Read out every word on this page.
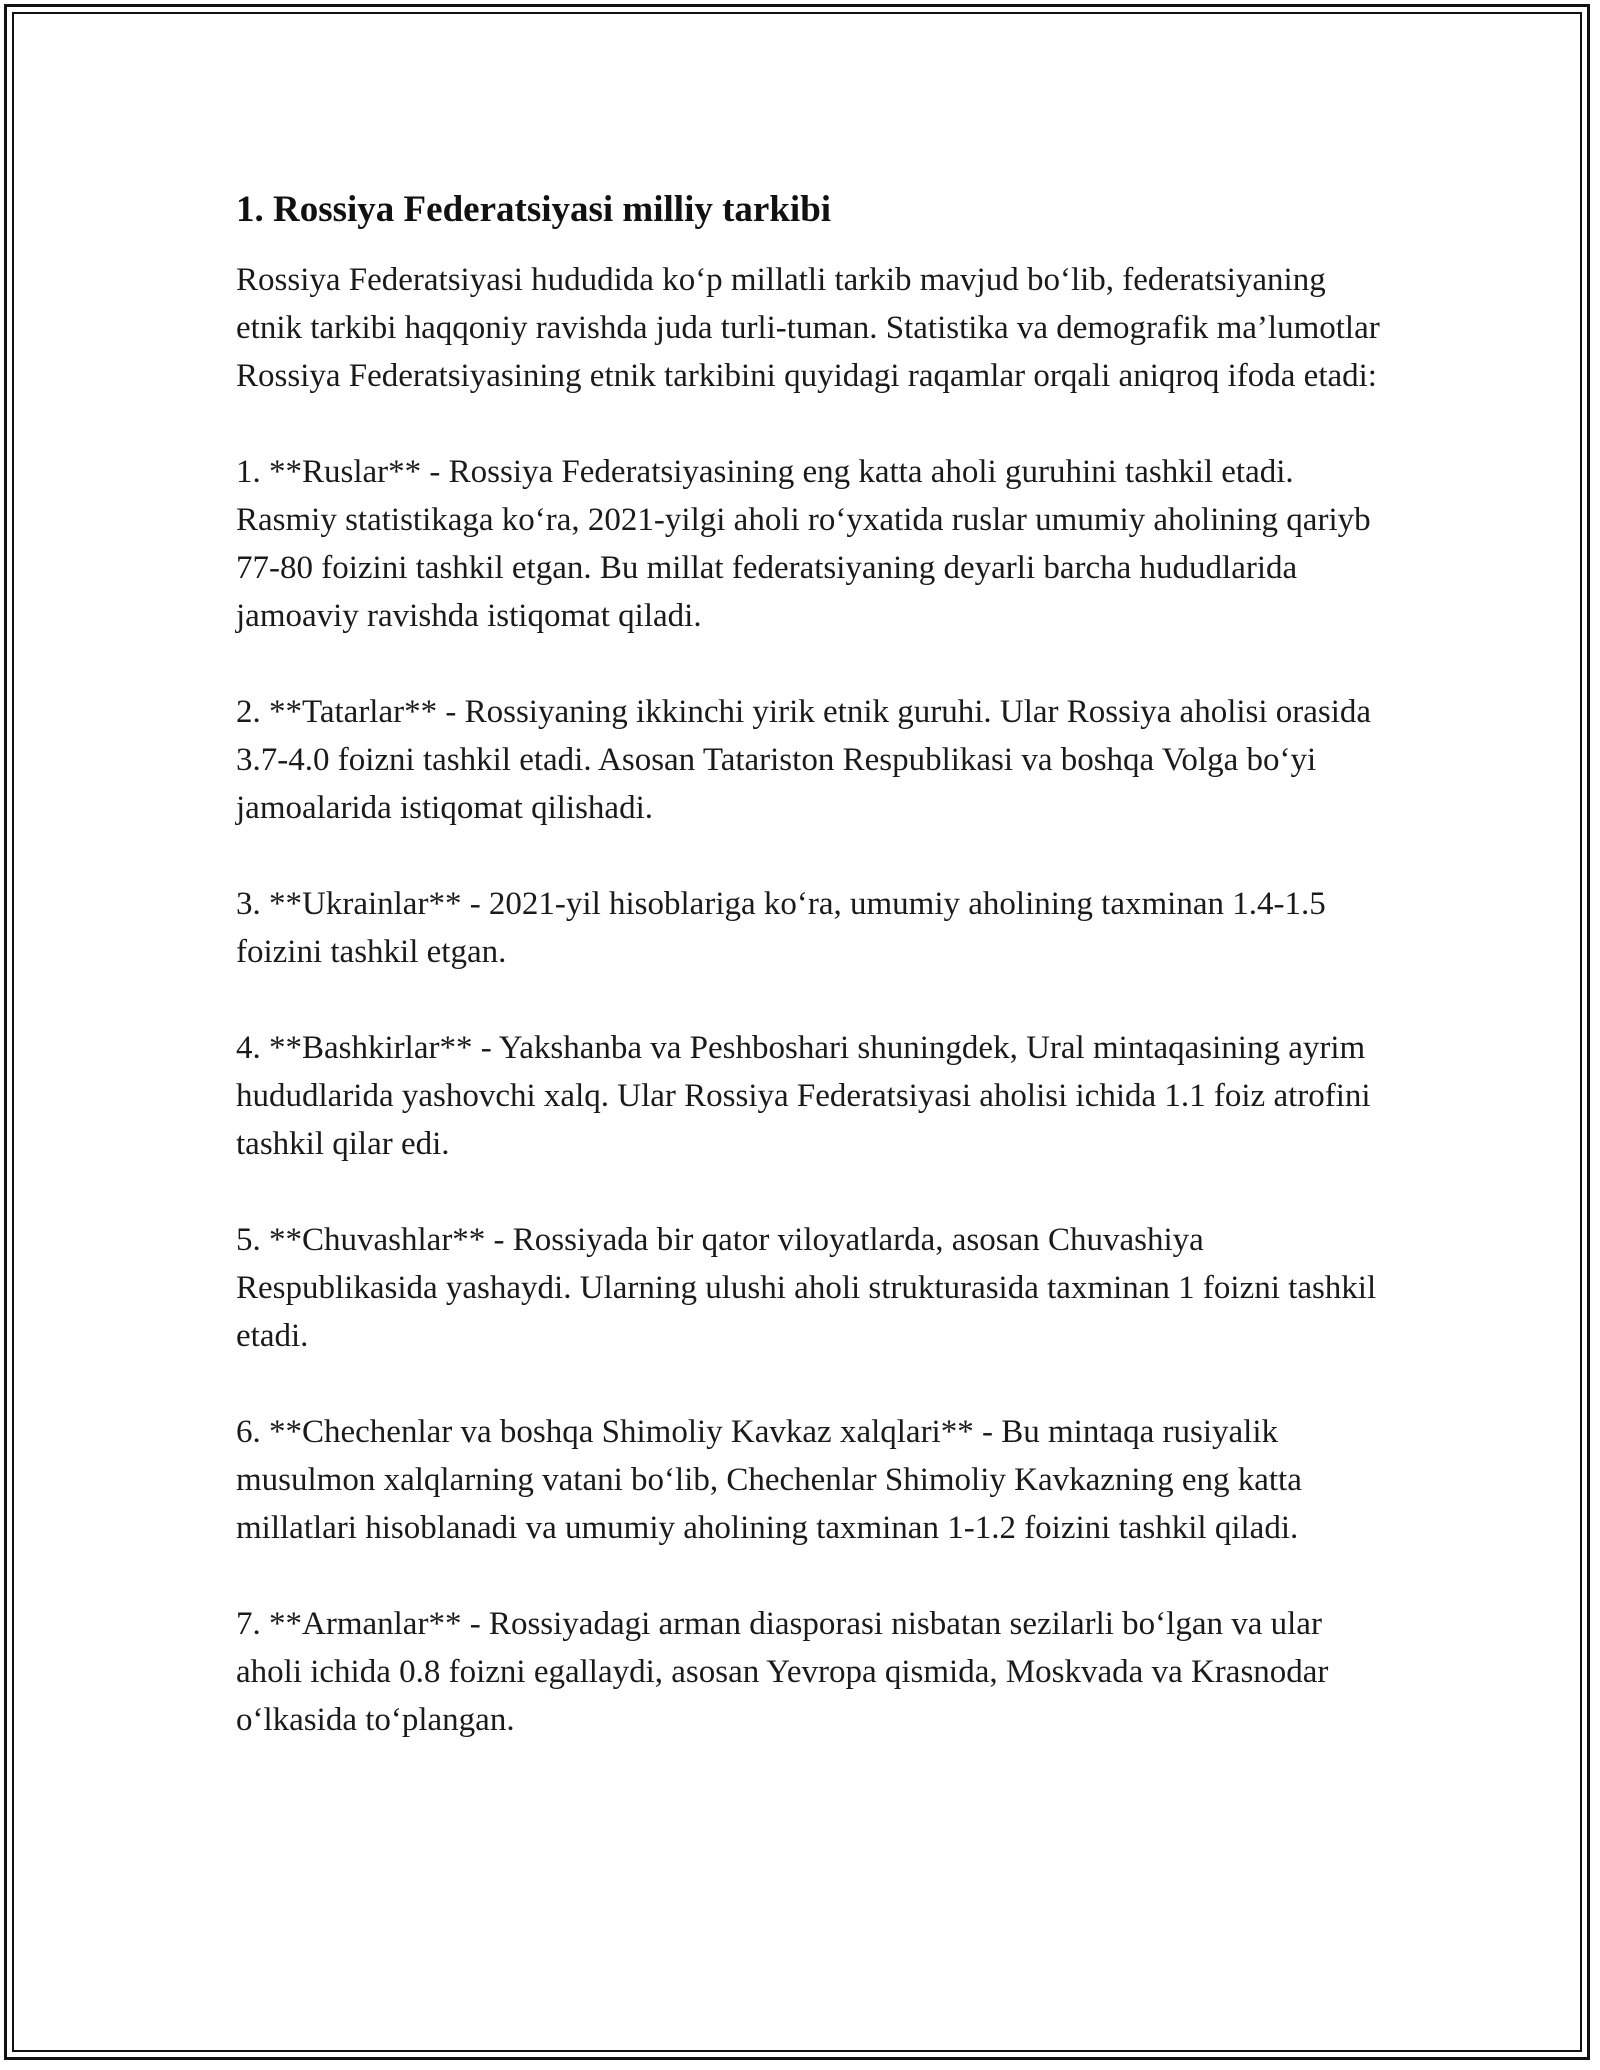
1. Rossiya Federatsiyasi milliy tarkibi

Rossiya Federatsiyasi hududida ko‘p millatli tarkib mavjud bo‘lib, federatsiyaning etnik tarkibi haqqoniy ravishda juda turli-tuman. Statistika va demografik ma’lumotlar Rossiya Federatsiyasining etnik tarkibini quyidagi raqamlar orqali aniqroq ifoda etadi:

1. **Ruslar** - Rossiya Federatsiyasining eng katta aholi guruhini tashkil etadi. Rasmiy statistikaga ko‘ra, 2021-yilgi aholi ro‘yxatida ruslar umumiy aholining qariyb 77-80 foizini tashkil etgan. Bu millat federatsiyaning deyarli barcha hududlarida jamoaviy ravishda istiqomat qiladi.

2. **Tatarlar** - Rossiyaning ikkinchi yirik etnik guruhi. Ular Rossiya aholisi orasida 3.7-4.0 foizni tashkil etadi. Asosan Tatariston Respublikasi va boshqa Volga bo‘yi jamoalarida istiqomat qilishadi.

3. **Ukrainlar** - 2021-yil hisoblariga ko‘ra, umumiy aholining taxminan 1.4-1.5 foizini tashkil etgan.

4. **Bashkirlar** - Yakshanba va Peshboshari shuningdek, Ural mintaqasining ayrim hududlarida yashovchi xalq. Ular Rossiya Federatsiyasi aholisi ichida 1.1 foiz atrofini tashkil qilar edi.

5. **Chuvashlar** - Rossiyada bir qator viloyatlarda, asosan Chuvashiya Respublikasida yashaydi. Ularning ulushi aholi strukturasida taxminan 1 foizni tashkil etadi.

6. **Chechenlar va boshqa Shimoliy Kavkaz xalqlari** - Bu mintaqa rusiyalik musulmon xalqlarning vatani bo‘lib, Chechenlar Shimoliy Kavkazning eng katta millatlari hisoblanadi va umumiy aholining taxminan 1-1.2 foizini tashkil qiladi.

7. **Armanlar** - Rossiyadagi arman diasporasi nisbatan sezilarli bo‘lgan va ular aholi ichida 0.8 foizni egallaydi, asosan Yevropa qismida, Moskvada va Krasnodar o‘lkasida to‘plangan.
